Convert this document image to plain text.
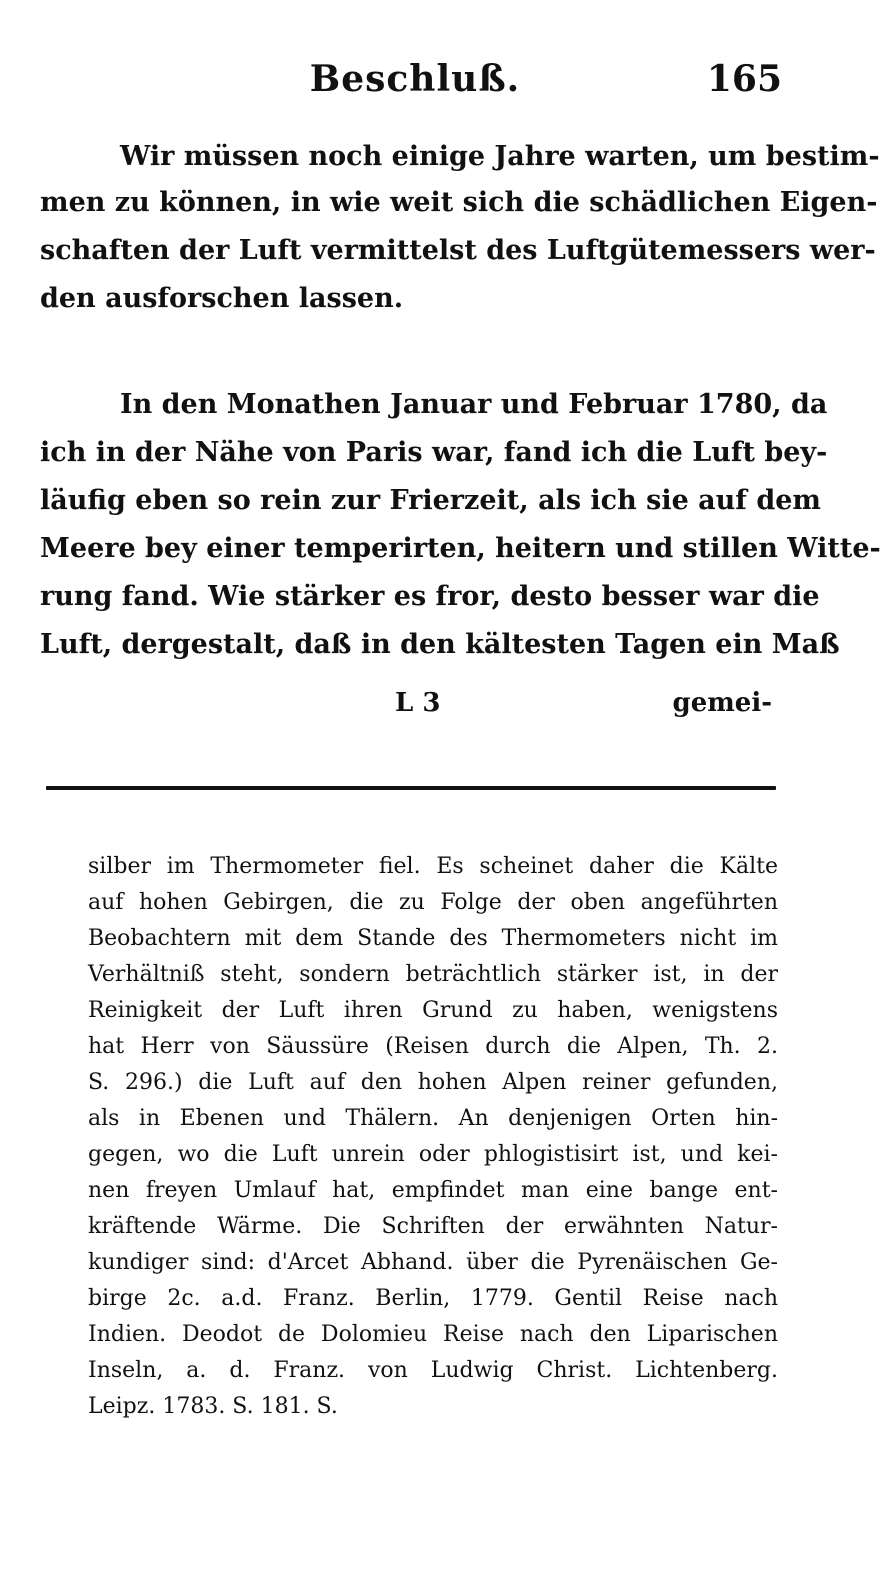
Beschluß.	165
Wir müssen noch einige Jahre warten, um bestim-
men zu können, in wie weit sich die schädlichen Eigen-
schaften der Luft vermittelst des Luftgütemessers wer-
den ausforschen lassen.
In den Monathen Januar und Februar 1780, da
ich in der Nähe von Paris war, fand ich die Luft bey-
läufig eben so rein zur Frierzeit, als ich sie auf dem
Meere bey einer temperirten, heitern und stillen Witte-
rung fand. Wie stärker es fror, desto besser war die
Luft, dergestalt, daß in den kältesten Tagen ein Maß
L 3	gemei-
silber im Thermometer fiel. Es scheinet daher die Kälte
auf hohen Gebirgen, die zu Folge der oben angeführten
Beobachtern mit dem Stande des Thermometers nicht im
Verhältniß steht, sondern beträchtlich stärker ist, in der
Reinigkeit der Luft ihren Grund zu haben, wenigstens
hat Herr von Säussüre (Reisen durch die Alpen, Th. 2.
S. 296.) die Luft auf den hohen Alpen reiner gefunden,
als in Ebenen und Thälern. An denjenigen Orten hin-
gegen, wo die Luft unrein oder phlogistisirt ist, und kei-
nen freyen Umlauf hat, empfindet man eine bange ent-
kräftende Wärme. Die Schriften der erwähnten Natur-
kundiger sind: d'Arcet Abhand. über die Pyrenäischen Ge-
birge 2c. a.d. Franz. Berlin, 1779. Gentil Reise nach
Indien. Deodot de Dolomieu Reise nach den Liparischen
Inseln, a. d. Franz. von Ludwig Christ. Lichtenberg.
Leipz. 1783. S. 181. S.
